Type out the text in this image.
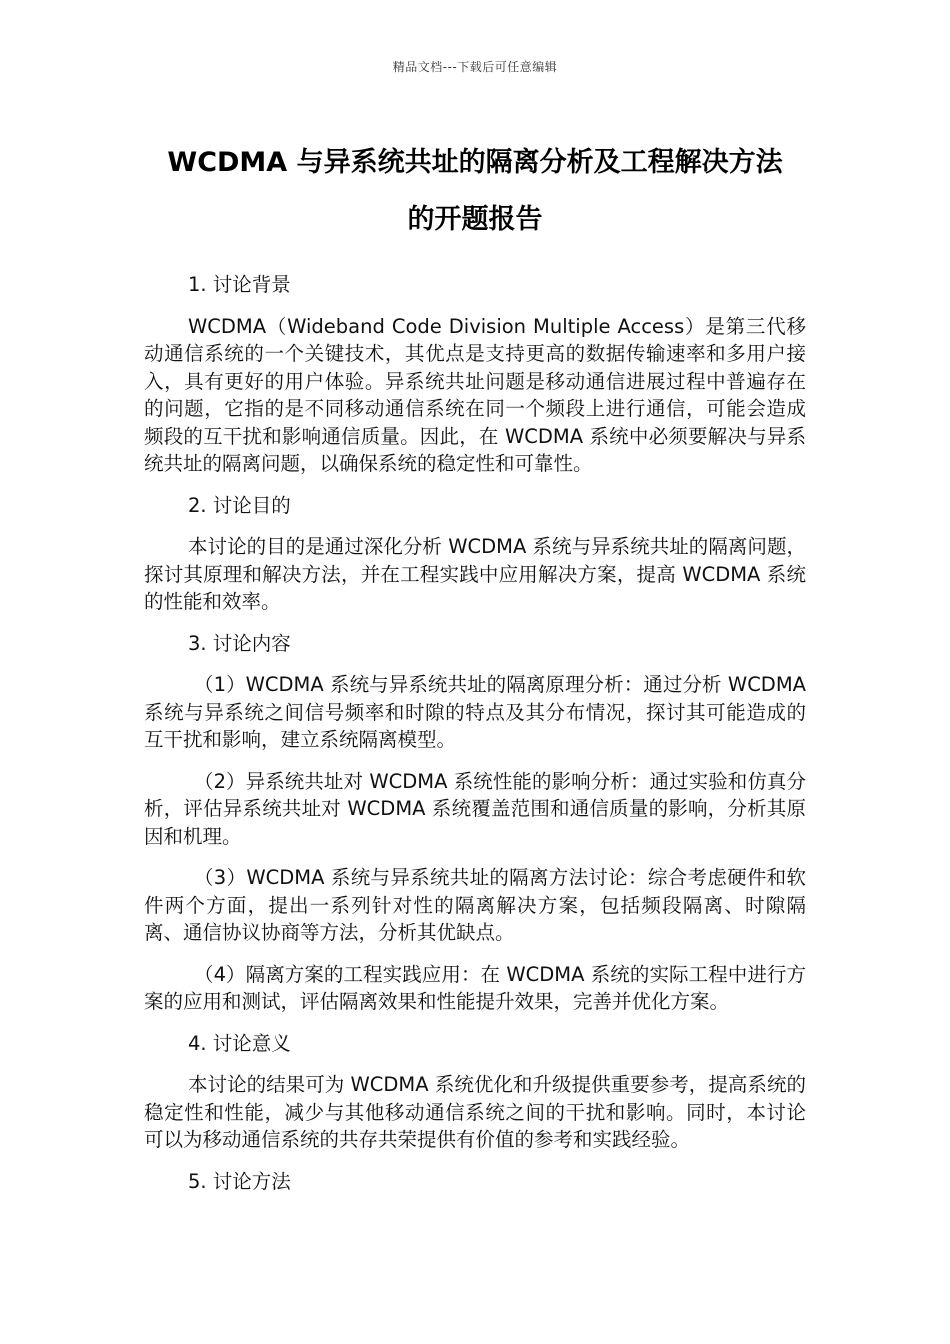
精品文档---下载后可任意编辑
WCDMA 与异系统共址的隔离分析及工程解决方法
的开题报告
1. 讨论背景
WCDMA（Wideband Code Division Multiple Access）是第三代移动通信系统的一个关键技术，其优点是支持更高的数据传输速率和多用户接入，具有更好的用户体验。异系统共址问题是移动通信进展过程中普遍存在的问题，它指的是不同移动通信系统在同一个频段上进行通信，可能会造成频段的互干扰和影响通信质量。因此，在 WCDMA 系统中必须要解决与异系统共址的隔离问题，以确保系统的稳定性和可靠性。
2. 讨论目的
本讨论的目的是通过深化分析 WCDMA 系统与异系统共址的隔离问题，探讨其原理和解决方法，并在工程实践中应用解决方案，提高 WCDMA 系统的性能和效率。
3. 讨论内容
（1）WCDMA 系统与异系统共址的隔离原理分析：通过分析 WCDMA 系统与异系统之间信号频率和时隙的特点及其分布情况，探讨其可能造成的互干扰和影响，建立系统隔离模型。
（2）异系统共址对 WCDMA 系统性能的影响分析：通过实验和仿真分析，评估异系统共址对 WCDMA 系统覆盖范围和通信质量的影响，分析其原因和机理。
（3）WCDMA 系统与异系统共址的隔离方法讨论：综合考虑硬件和软件两个方面，提出一系列针对性的隔离解决方案，包括频段隔离、时隙隔离、通信协议协商等方法，分析其优缺点。
（4）隔离方案的工程实践应用：在 WCDMA 系统的实际工程中进行方案的应用和测试，评估隔离效果和性能提升效果，完善并优化方案。
4. 讨论意义
本讨论的结果可为 WCDMA 系统优化和升级提供重要参考，提高系统的稳定性和性能，减少与其他移动通信系统之间的干扰和影响。同时，本讨论可以为移动通信系统的共存共荣提供有价值的参考和实践经验。
5. 讨论方法
